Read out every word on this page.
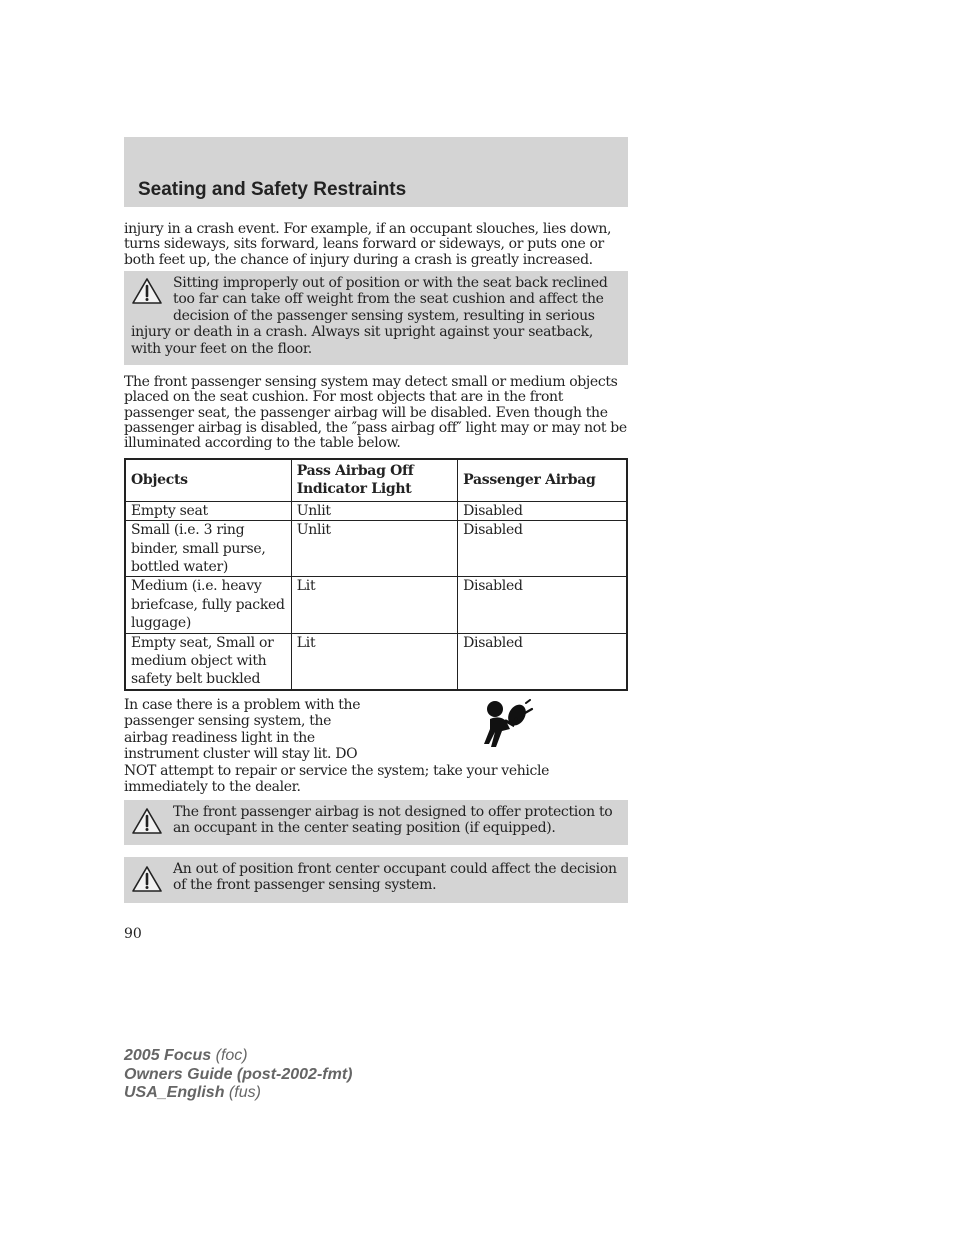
Seating and Safety Restraints

injury in a crash event. For example, if an occupant slouches, lies down, turns sideways, sits forward, leans forward or sideways, or puts one or both feet up, the chance of injury during a crash is greatly increased.

Sitting improperly out of position or with the seat back reclined too far can take off weight from the seat cushion and affect the decision of the passenger sensing system, resulting in serious injury or death in a crash. Always sit upright against your seatback, with your feet on the floor.

The front passenger sensing system may detect small or medium objects placed on the seat cushion. For most objects that are in the front passenger seat, the passenger airbag will be disabled. Even though the passenger airbag is disabled, the ″pass airbag off″ light may or may not be illuminated according to the table below.

Objects	Pass Airbag Off Indicator Light	Passenger Airbag
Empty seat	Unlit	Disabled
Small (i.e. 3 ring binder, small purse, bottled water)	Unlit	Disabled
Medium (i.e. heavy briefcase, fully packed luggage)	Lit	Disabled
Empty seat, Small or medium object with safety belt buckled	Lit	Disabled
In case there is a problem with the
passenger sensing system, the
airbag readiness light in the
instrument cluster will stay lit. DO
NOT attempt to repair or service the system; take your vehicle
immediately to the dealer.

The front passenger airbag is not designed to offer protection to an occupant in the center seating position (if equipped).

An out of position front center occupant could affect the decision of the front passenger sensing system.

90

2005 Focus (foc)
Owners Guide (post-2002-fmt)
USA_English (fus)
